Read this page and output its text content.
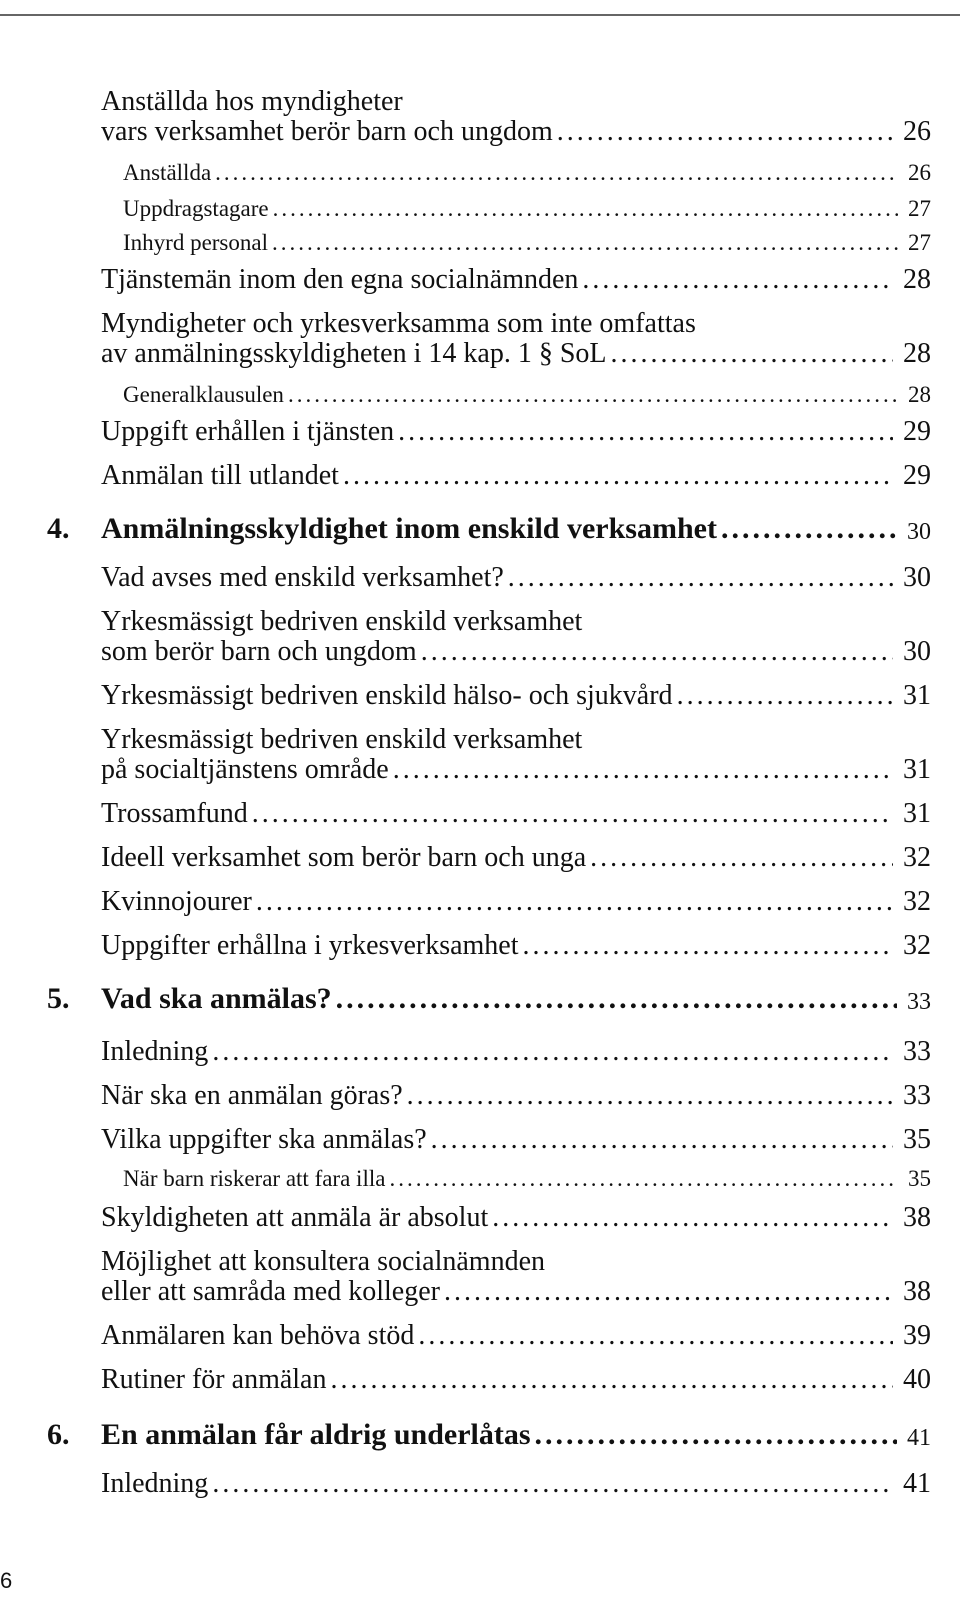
Anställda hos myndigheter
vars verksamhet berör barn och ungdom .....	26
Anställda .....	26
Uppdragstagare .....	27
Inhyrd personal .....	27
Tjänstemän inom den egna socialnämnden .....	28
Myndigheter och yrkesverksamma som inte omfattas
av anmälningsskyldigheten i 14 kap. 1 § SoL .....	28
Generalklausulen .....	28
Uppgift erhållen i tjänsten .....	29
Anmälan till utlandet .....	29
4. Anmälningsskyldighet inom enskild verksamhet .....	30
Vad avses med enskild verksamhet? .....	30
Yrkesmässigt bedriven enskild verksamhet
som berör barn och ungdom .....	30
Yrkesmässigt bedriven enskild hälso- och sjukvård .....	31
Yrkesmässigt bedriven enskild verksamhet
på socialtjänstens område .....	31
Trossamfund .....	31
Ideell verksamhet som berör barn och unga .....	32
Kvinnojourer .....	32
Uppgifter erhållna i yrkesverksamhet .....	32
5. Vad ska anmälas? .....	33
Inledning .....	33
När ska en anmälan göras? .....	33
Vilka uppgifter ska anmälas? .....	35
När barn riskerar att fara illa .....	35
Skyldigheten att anmäla är absolut .....	38
Möjlighet att konsultera socialnämnden
eller att samråda med kolleger .....	38
Anmälaren kan behöva stöd .....	39
Rutiner för anmälan .....	40
6. En anmälan får aldrig underlåtas .....	41
Inledning .....	41
6
